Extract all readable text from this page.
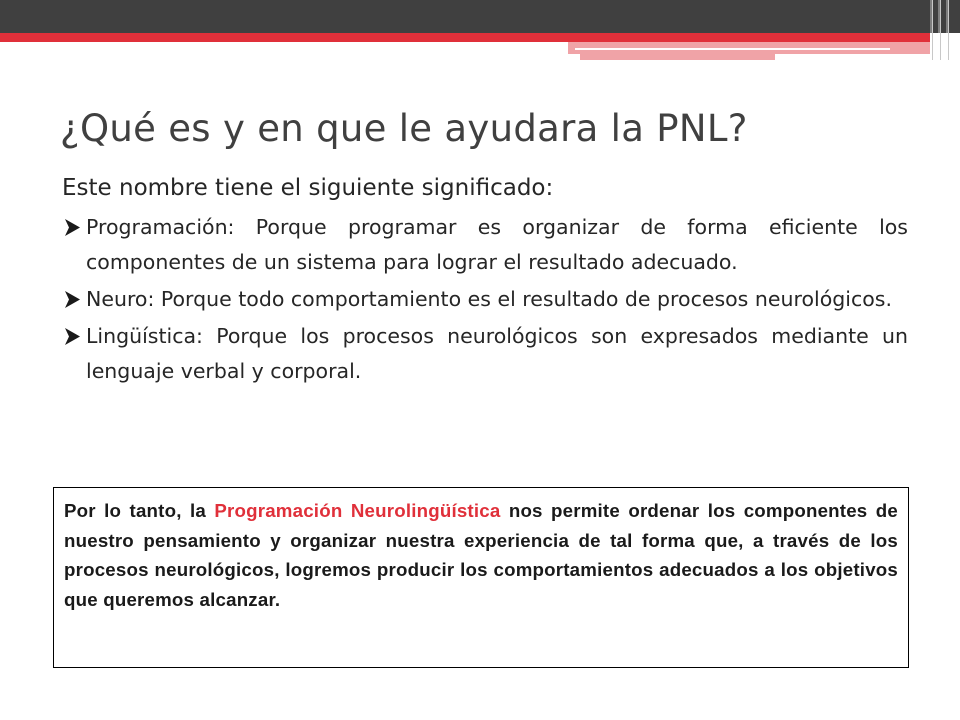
¿Qué es y en que le ayudara la PNL?

Este nombre tiene el siguiente significado:

Programación: Porque programar es organizar de forma eficiente los componentes de un sistema para lograr el resultado adecuado.
Neuro: Porque todo comportamiento es el resultado de procesos neurológicos.
Lingüística: Porque los procesos neurológicos son expresados mediante un lenguaje verbal y corporal.

Por lo tanto, la Programación Neurolingüística nos permite ordenar los componentes de nuestro pensamiento y organizar nuestra experiencia de tal forma que, a través de los procesos neurológicos, logremos producir los comportamientos adecuados a los objetivos que queremos alcanzar.
